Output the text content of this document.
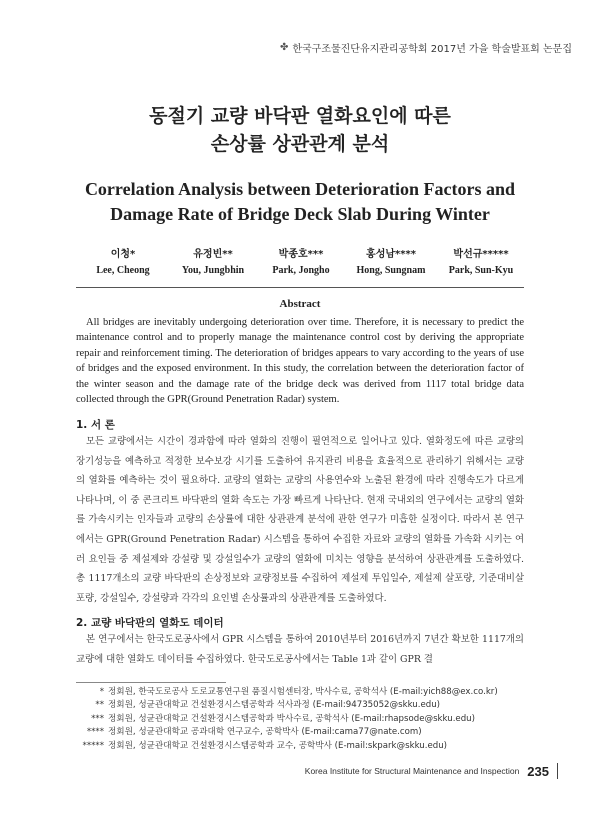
✤ 한국구조물진단유지관리공학회 2017년 가을 학술발표회 논문집
동절기 교량 바닥판 열화요인에 따른
손상률 상관관계 분석
Correlation Analysis between Deterioration Factors and
Damage Rate of Bridge Deck Slab During Winter
이청*
Lee, Cheong
유정빈**
You, Jungbhin
박종호***
Park, Jongho
홍성남****
Hong, Sungnam
박선규*****
Park, Sun-Kyu
Abstract
All bridges are inevitably undergoing deterioration over time. Therefore, it is necessary to predict the maintenance control and to properly manage the maintenance control cost by deriving the appropriate repair and reinforcement timing. The deterioration of bridges appears to vary according to the years of use of bridges and the exposed environment. In this study, the correlation between the deterioration factor of the winter season and the damage rate of the bridge deck was derived from 1117 total bridge data collected through the GPR(Ground Penetration Radar) system.
1. 서 론
모든 교량에서는 시간이 경과함에 따라 열화의 진행이 필연적으로 일어나고 있다. 열화정도에 따른 교량의 장기성능을 예측하고 적정한 보수보강 시기를 도출하여 유지관리 비용을 효율적으로 관리하기 위해서는 교량의 열화를 예측하는 것이 필요하다. 교량의 열화는 교량의 사용연수와 노출된 환경에 따라 진행속도가 다르게 나타나며, 이 중 콘크리트 바닥판의 열화 속도는 가장 빠르게 나타난다. 현재 국내외의 연구에서는 교량의 열화를 가속시키는 인자들과 교량의 손상률에 대한 상관관계 분석에 관한 연구가 미흡한 실정이다. 따라서 본 연구에서는 GPR(Ground Penetration Radar) 시스템을 통하여 수집한 자료와 교량의 열화를 가속화 시키는 여러 요인들 중 제설제와 강설량 및 강설일수가 교량의 열화에 미치는 영향을 분석하여 상관관계를 도출하였다. 총 1117개소의 교량 바닥판의 손상정보와 교량정보를 수집하여 제설제 투입일수, 제설제 살포량, 기준대비살포량, 강설일수, 강설량과 각각의 요인별 손상률과의 상관관계를 도출하였다.
2. 교량 바닥판의 열화도 데이터
본 연구에서는 한국도로공사에서 GPR 시스템을 통하여 2010년부터 2016년까지 7년간 확보한 1117개의 교량에 대한 열화도 데이터를 수집하였다. 한국도로공사에서는 Table 1과 같이 GPR 결
* 정회원, 한국도로공사 도로교통연구원 품질시험센터장, 박사수료, 공학석사 (E-mail:yich88@ex.co.kr)
** 정회원, 성균관대학교 건설환경시스템공학과 석사과정 (E-mail:94735052@skku.edu)
*** 정회원, 성균관대학교 건설환경시스템공학과 박사수료, 공학석사 (E-mail:rhapsode@skku.edu)
**** 정회원, 성균관대학교 공과대학 연구교수, 공학박사 (E-mail:cama77@nate.com)
***** 정회원, 성균관대학교 건설환경시스템공학과 교수, 공학박사 (E-mail:skpark@skku.edu)
Korea Institute for Structural Maintenance and Inspection 235
